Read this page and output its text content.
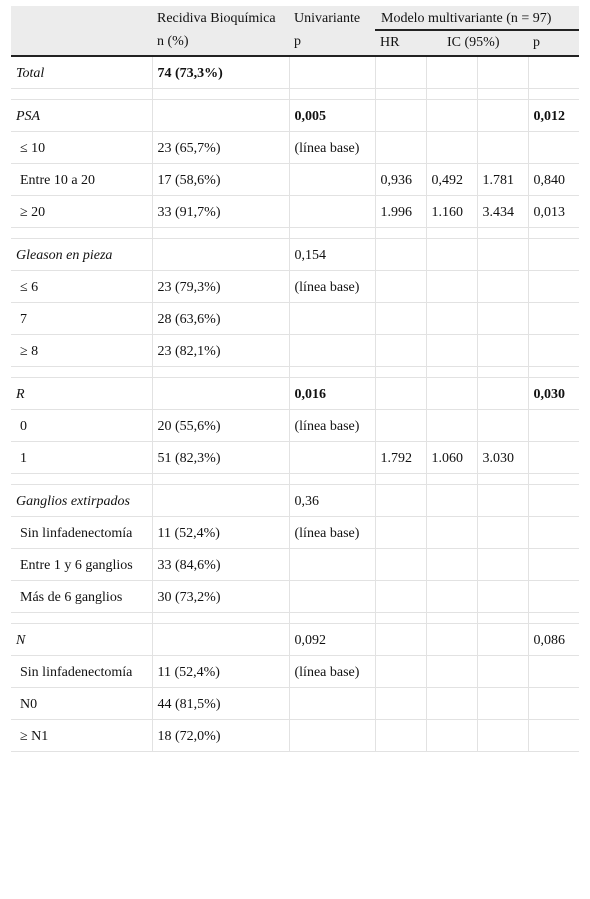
	Recidiva Bioquímica	Univariante	Modelo multivariante (n = 97)			
	n (%)	p	HR	IC (95%)		p
Total	74 (73,3%)					

PSA		0,005				0,012
≤ 10	23 (65,7%)	(línea base)				
Entre 10 a 20	17 (58,6%)		0,936	0,492	1.781	0,840
≥ 20	33 (91,7%)		1.996	1.160	3.434	0,013

Gleason en pieza		0,154				
≤ 6	23 (79,3%)	(línea base)				
7	28 (63,6%)					
≥ 8	23 (82,1%)					

R		0,016				0,030
0	20 (55,6%)	(línea base)				
1	51 (82,3%)		1.792	1.060	3.030	

Ganglios extirpados		0,36				
Sin linfadenectomía	11 (52,4%)	(línea base)				
Entre 1 y 6 ganglios	33 (84,6%)					
Más de 6 ganglios	30 (73,2%)					

N		0,092				0,086
Sin linfadenectomía	11 (52,4%)	(línea base)				
N0	44 (81,5%)					
≥ N1	18 (72,0%)					
